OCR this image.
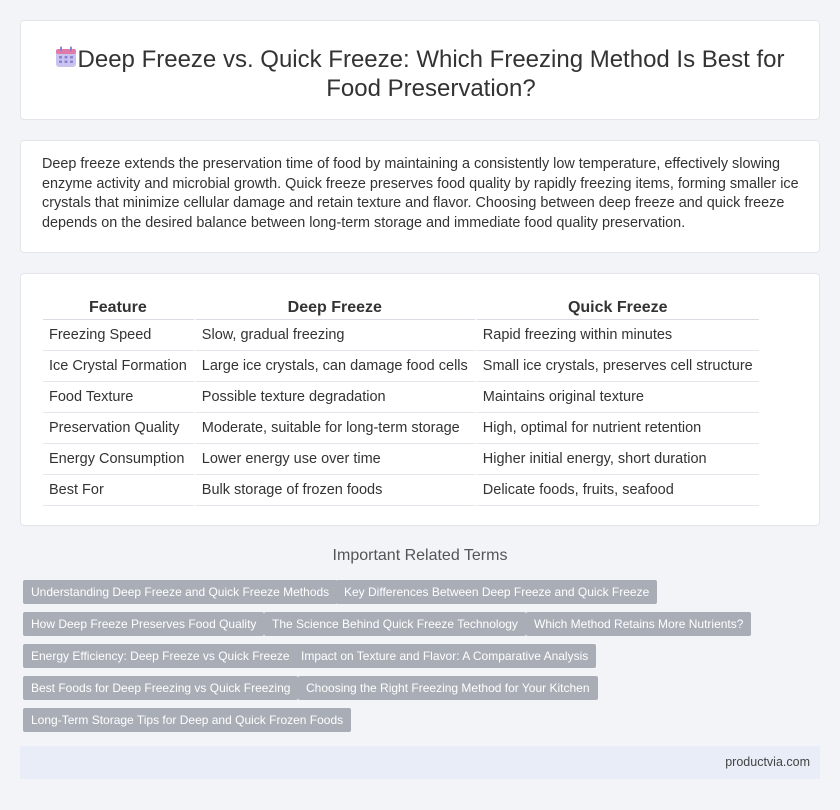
Deep Freeze vs. Quick Freeze: Which Freezing Method Is Best for Food Preservation?

Deep freeze extends the preservation time of food by maintaining a consistently low temperature, effectively slowing enzyme activity and microbial growth. Quick freeze preserves food quality by rapidly freezing items, forming smaller ice crystals that minimize cellular damage and retain texture and flavor. Choosing between deep freeze and quick freeze depends on the desired balance between long-term storage and immediate food quality preservation.

Feature	Deep Freeze	Quick Freeze
Freezing Speed	Slow, gradual freezing	Rapid freezing within minutes
Ice Crystal Formation	Large ice crystals, can damage food cells	Small ice crystals, preserves cell structure
Food Texture	Possible texture degradation	Maintains original texture
Preservation Quality	Moderate, suitable for long-term storage	High, optimal for nutrient retention
Energy Consumption	Lower energy use over time	Higher initial energy, short duration
Best For	Bulk storage of frozen foods	Delicate foods, fruits, seafood
Important Related Terms
Understanding Deep Freeze and Quick Freeze Methods	Key Differences Between Deep Freeze and Quick Freeze
How Deep Freeze Preserves Food Quality	The Science Behind Quick Freeze Technology	Which Method Retains More Nutrients?
Energy Efficiency: Deep Freeze vs Quick Freeze Impact on Texture and Flavor: A Comparative Analysis
Best Foods for Deep Freezing vs Quick Freezing	Choosing the Right Freezing Method for Your Kitchen
Long-Term Storage Tips for Deep and Quick Frozen Foods
productvia.com
